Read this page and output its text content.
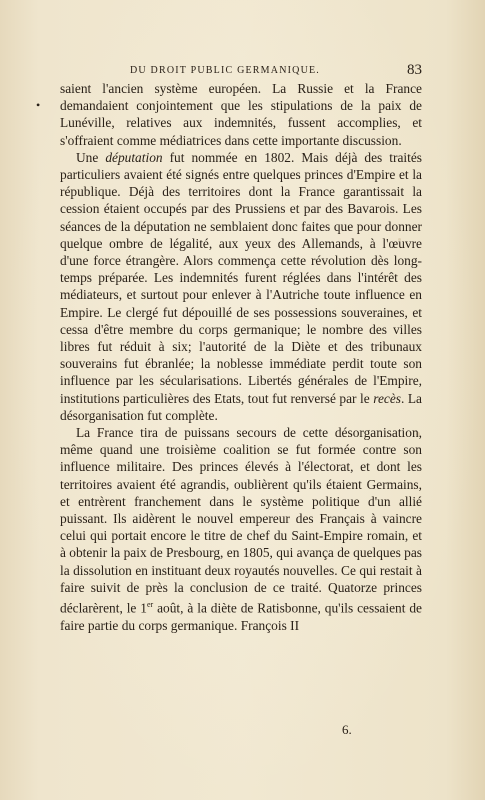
DU DROIT PUBLIC GERMANIQUE.	83
•

saient l'ancien système européen. La Russie et la France demandaient conjointement que les stipulations de la paix de Lunéville, relatives aux indemnités, fussent accomplies, et s'offraient comme médiatrices dans cette importante discussion.

Une députation fut nommée en 1802. Mais déjà des traités particuliers avaient été signés entre quelques princes d'Empire et la république. Déjà des territoires dont la France garantissait la cession étaient occupés par des Prussiens et par des Bavarois. Les séances de la députation ne semblaient donc faites que pour donner quelque ombre de légalité, aux yeux des Allemands, à l'œuvre d'une force étrangère. Alors commença cette révolution dès long-temps préparée. Les indemnités furent réglées dans l'intérêt des médiateurs, et surtout pour enlever à l'Autriche toute influence en Empire. Le clergé fut dépouillé de ses possessions souveraines, et cessa d'être membre du corps germanique; le nombre des villes libres fut réduit à six; l'autorité de la Diète et des tribunaux souverains fut ébranlée; la noblesse immédiate perdit toute son influence par les sécularisations. Libertés générales de l'Empire, institutions particulières des Etats, tout fut renversé par le recès. La désorganisation fut complète.

La France tira de puissans secours de cette désorganisation, même quand une troisième coalition se fut formée contre son influence militaire. Des princes élevés à l'électorat, et dont les territoires avaient été agrandis, oublièrent qu'ils étaient Germains, et entrèrent franchement dans le système politique d'un allié puissant. Ils aidèrent le nouvel empereur des Français à vaincre celui qui portait encore le titre de chef du Saint-Empire romain, et à obtenir la paix de Presbourg, en 1805, qui avança de quelques pas la dissolution en instituant deux royautés nouvelles. Ce qui restait à faire suivit de près la conclusion de ce traité. Quatorze princes déclarèrent, le 1er août, à la diète de Ratisbonne, qu'ils cessaient de faire partie du corps germanique. François II

6.
